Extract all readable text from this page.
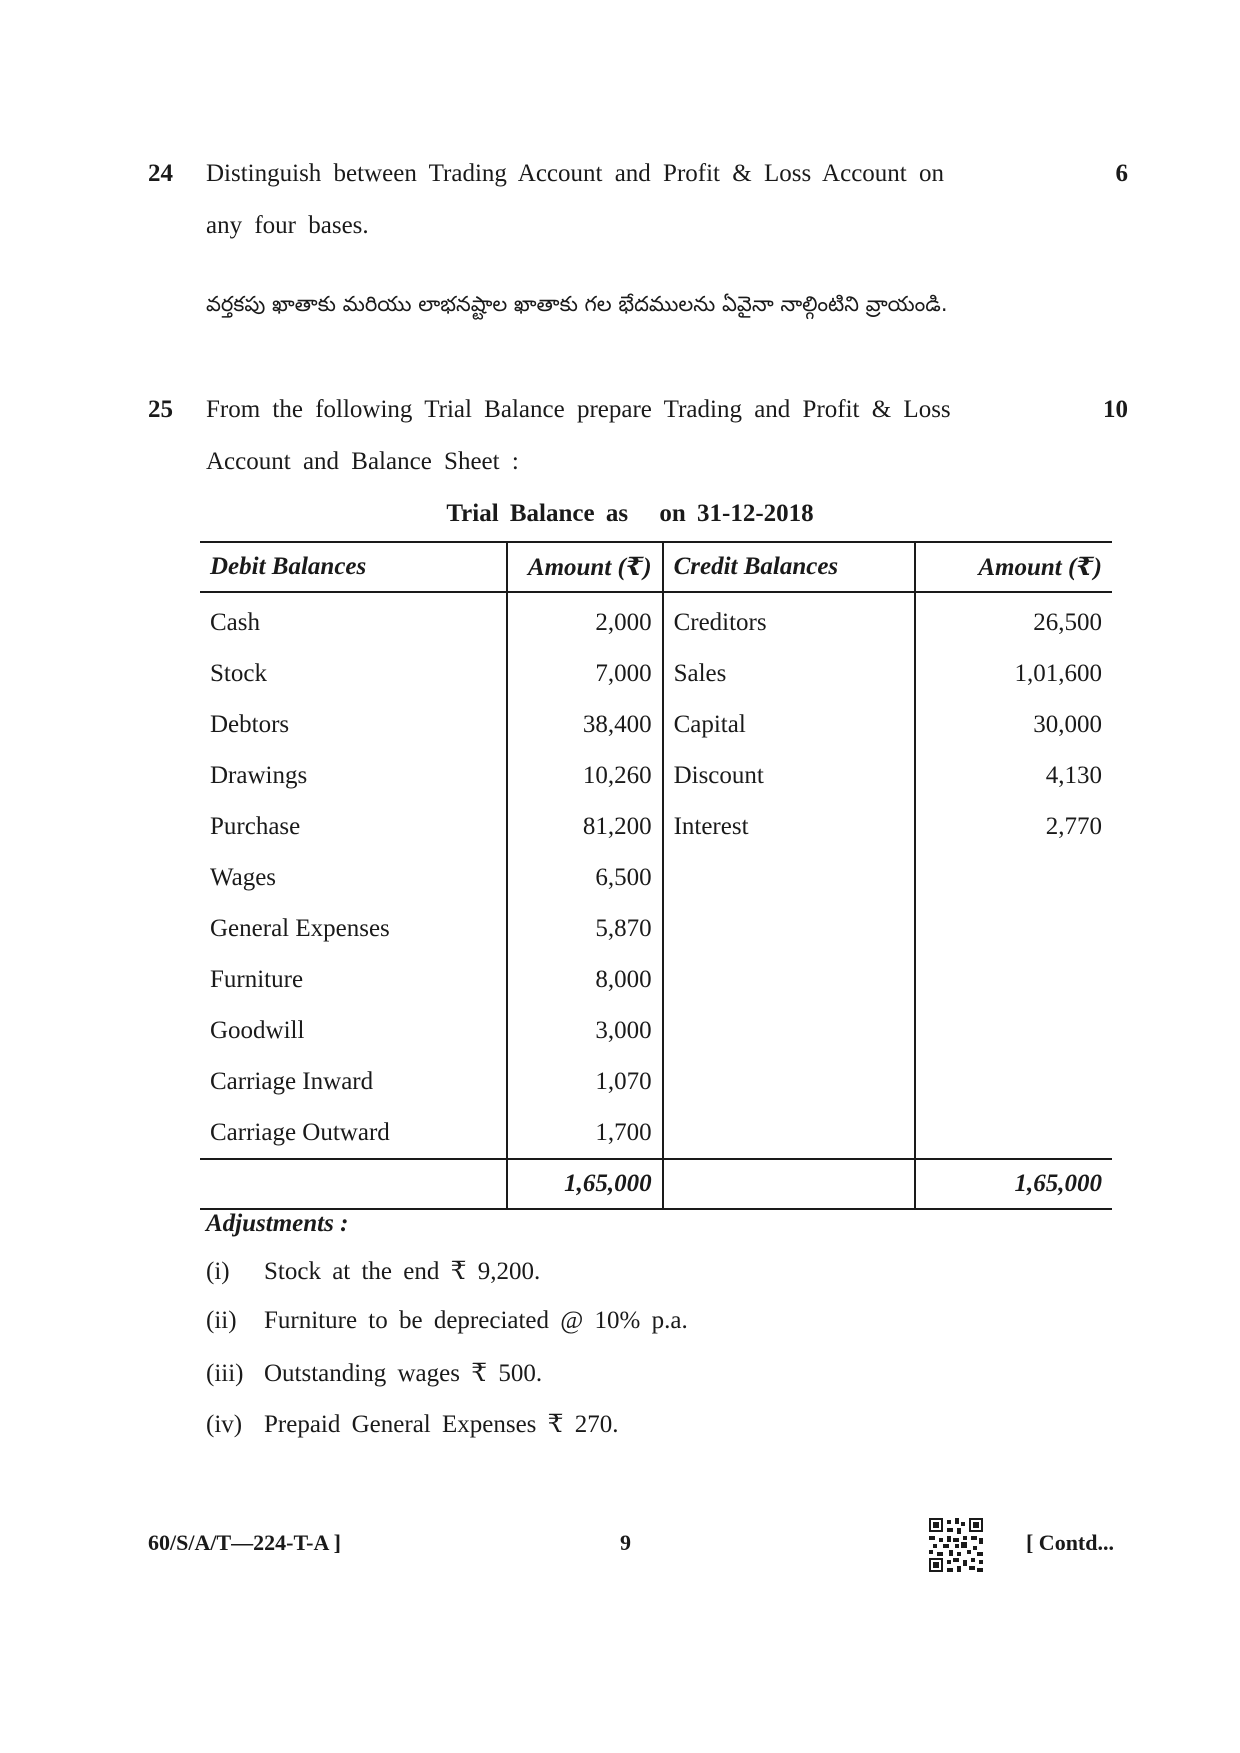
24 Distinguish between Trading Account and Profit & Loss Account on
any four bases.
6
వర్తకపు ఖాతాకు మరియు లాభనష్టాల ఖాతాకు గల భేదములను ఏవైనా నాల్గింటిని వ్రాయండి.
25 From the following Trial Balance prepare Trading and Profit & Loss
Account and Balance Sheet :
10
Trial Balance as on 31-12-2018
Debit Balances	Amount (₹)	Credit Balances	Amount (₹)
Cash	2,000	Creditors	26,500
Stock	7,000	Sales	1,01,600
Debtors	38,400	Capital	30,000
Drawings	10,260	Discount	4,130
Purchase	81,200	Interest	2,770
Wages	6,500		
General Expenses	5,870		
Furniture	8,000		
Goodwill	3,000		
Carriage Inward	1,070		
Carriage Outward	1,700		
	1,65,000		1,65,000
Adjustments :
(i) Stock at the end ₹ 9,200.
(ii) Furniture to be depreciated @ 10% p.a.
(iii) Outstanding wages ₹ 500.
(iv) Prepaid General Expenses ₹ 270.
60/S/A/T—224-T-A ]	9	[ Contd...
